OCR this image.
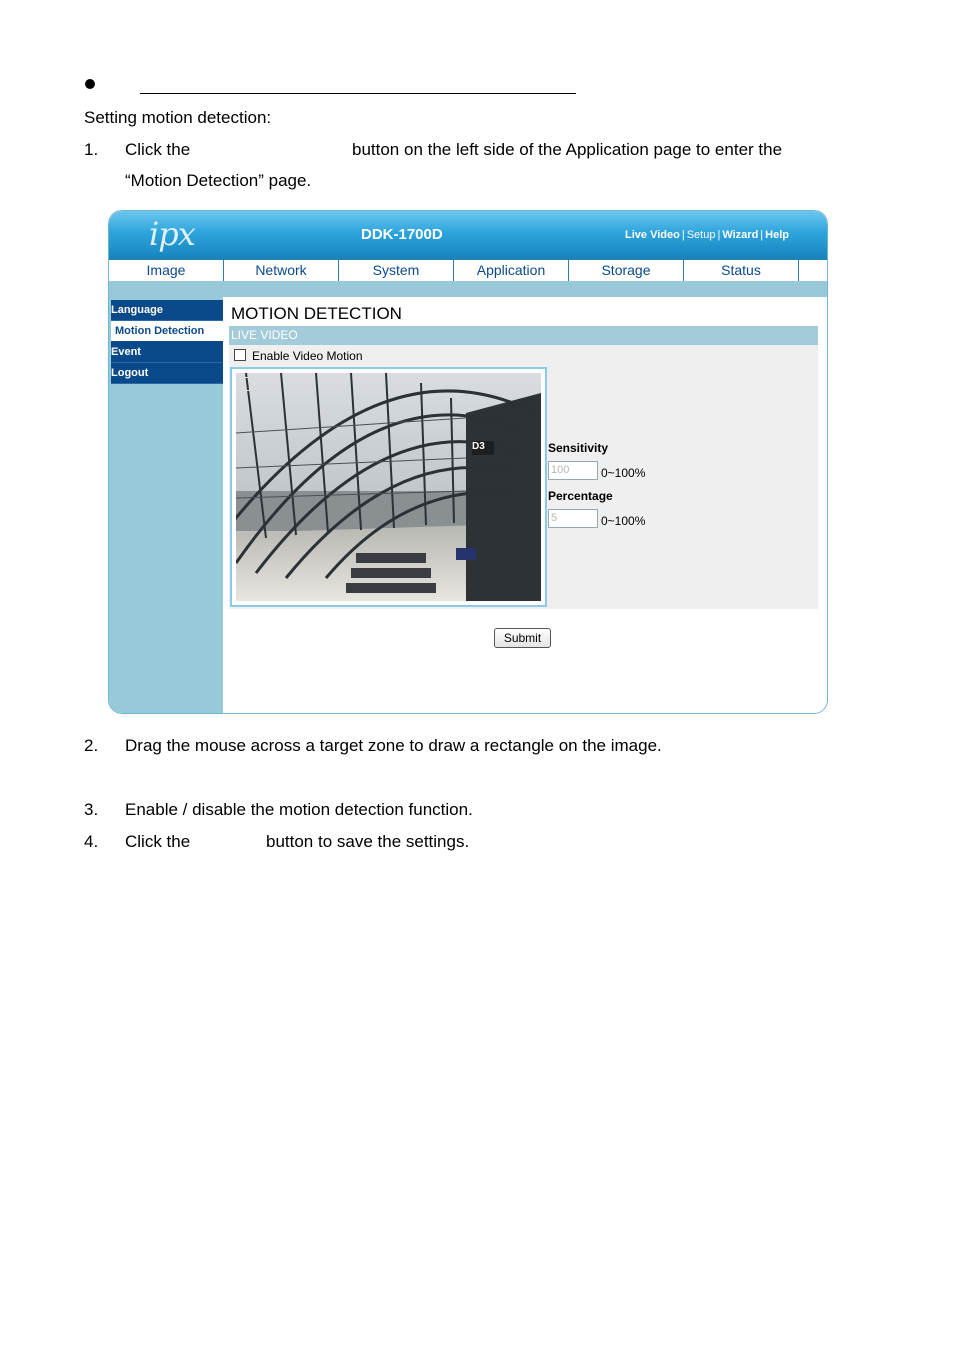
Setting motion detection:
1. Click the	button on the left side of the Application page to enter the
“Motion Detection” page.
ipx	DDK-1700D	Live Video | Setup | Wizard | Help
Image	Network	System	Application	Storage	Status
Language
Motion Detection
Event
Logout
MOTION DETECTION
LIVE VIDEO
Enable Video Motion
D3	Sensitivity
100	0~100%
Percentage
5	0~100%
Submit
2. Drag the mouse across a target zone to draw a rectangle on the image.
3. Enable / disable the motion detection function.
4. Click the	button to save the settings.
